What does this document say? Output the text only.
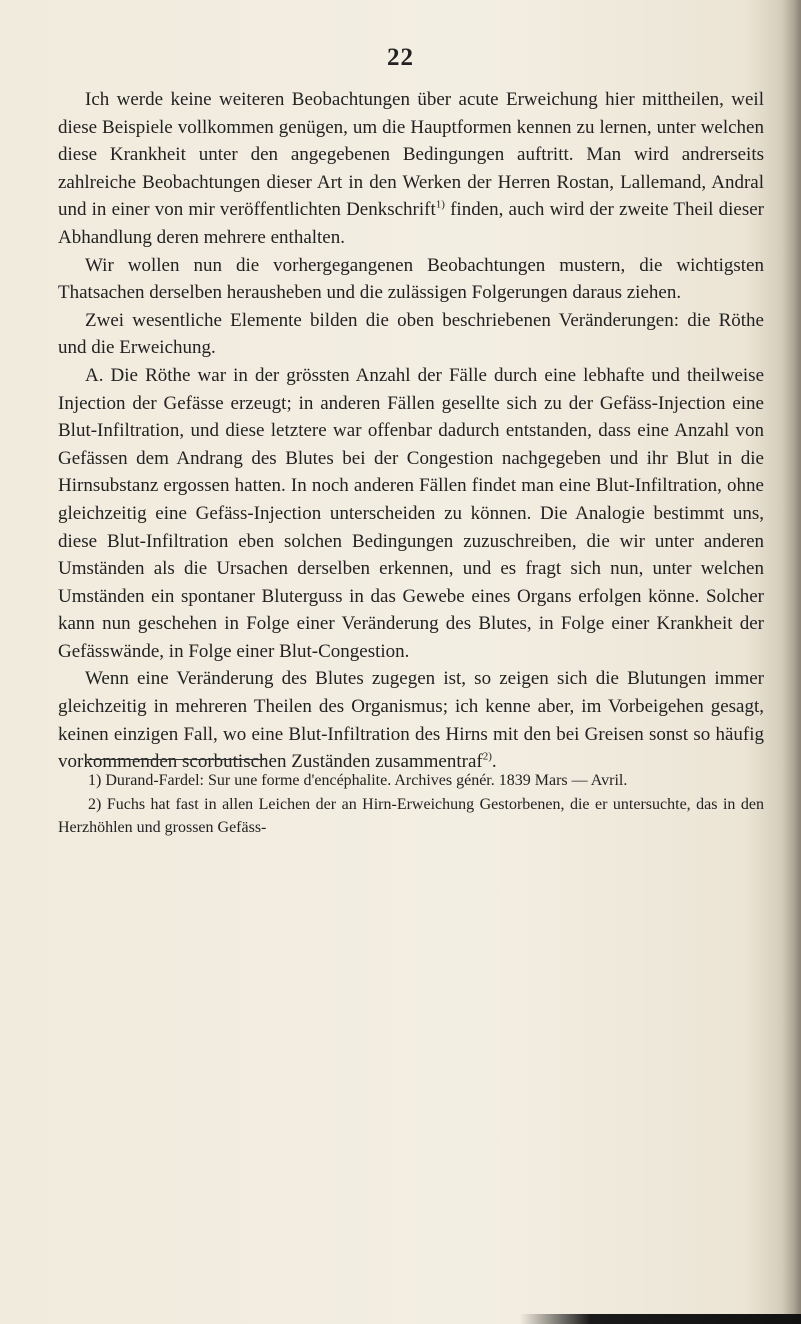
22

Ich werde keine weiteren Beobachtungen über acute Erweichung hier mittheilen, weil diese Beispiele vollkommen genügen, um die Hauptformen kennen zu lernen, unter welchen diese Krankheit unter den angegebenen Bedingungen auftritt. Man wird andrerseits zahlreiche Beobachtungen dieser Art in den Werken der Herren Rostan, Lallemand, Andral und in einer von mir veröffentlichten Denkschrift$^{1)}$ finden, auch wird der zweite Theil dieser Abhandlung deren mehrere enthalten.

Wir wollen nun die vorhergegangenen Beobachtungen mustern, die wichtigsten Thatsachen derselben herausheben und die zulässigen Folgerungen daraus ziehen.

Zwei wesentliche Elemente bilden die oben beschriebenen Veränderungen: die Röthe und die Erweichung.

A. Die Röthe war in der grössten Anzahl der Fälle durch eine lebhafte und theilweise Injection der Gefässe erzeugt; in anderen Fällen gesellte sich zu der Gefäss-Injection eine Blut-Infiltration, und diese letztere war offenbar dadurch entstanden, dass eine Anzahl von Gefässen dem Andrang des Blutes bei der Congestion nachgegeben und ihr Blut in die Hirnsubstanz ergossen hatten. In noch anderen Fällen findet man eine Blut-Infiltration, ohne gleichzeitig eine Gefäss-Injection unterscheiden zu können. Die Analogie bestimmt uns, diese Blut-Infiltration eben solchen Bedingungen zuzuschreiben, die wir unter anderen Umständen als die Ursachen derselben erkennen, und es fragt sich nun, unter welchen Umständen ein spontaner Bluterguss in das Gewebe eines Organs erfolgen könne. Solcher kann nun geschehen in Folge einer Veränderung des Blutes, in Folge einer Krankheit der Gefässwände, in Folge einer Blut-Congestion.

Wenn eine Veränderung des Blutes zugegen ist, so zeigen sich die Blutungen immer gleichzeitig in mehreren Theilen des Organismus; ich kenne aber, im Vorbeigehen gesagt, keinen einzigen Fall, wo eine Blut-Infiltration des Hirns mit den bei Greisen sonst so häufig vorkommenden scorbutischen Zuständen zusammentraf$^{2)}$.

1) Durand-Fardel: Sur une forme d'encéphalite. Archives génér. 1839 Mars — Avril.

2) Fuchs hat fast in allen Leichen der an Hirn-Erweichung Gestorbenen, die er untersuchte, das in den Herzhöhlen und grossen Gefäss-
